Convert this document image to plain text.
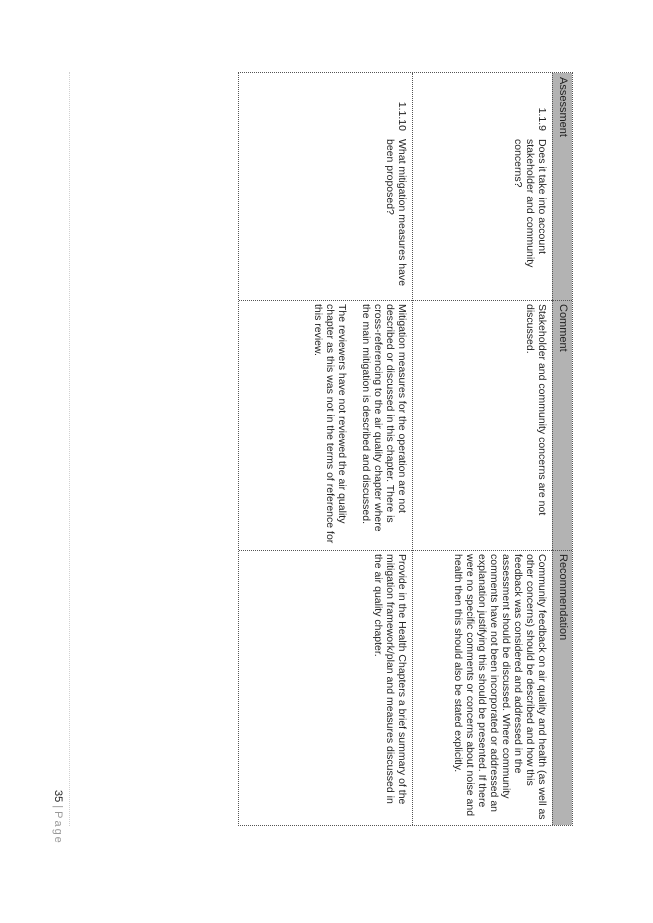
Assessment
Comment
Recommendation
1.1.9
Does it take into account stakeholder and community concerns?
Stakeholder and community concerns are not discussed.
Community feedback on air quality and health (as well as other concerns) should be described and how this feedback was considered and addressed in the assessment should be discussed. Where community comments have not been incorporated or addressed an explanation justifying this should be presented. If there were no specific comments or concerns about noise and health then this should also be stated explicitly.
1.1.10
What mitigation measures have been proposed?
Mitigation measures for the operation are not described or discussed in this chapter. There is cross-referencing to the air quality chapter where the main mitigation is described and discussed.
The reviewers have not reviewed the air quality chapter as this was not in the terms of reference for this review.
Provide in the Health Chapters a brief summary of the mitigation framework/plan and measures discussed in the air quality chapter.
35|Page
